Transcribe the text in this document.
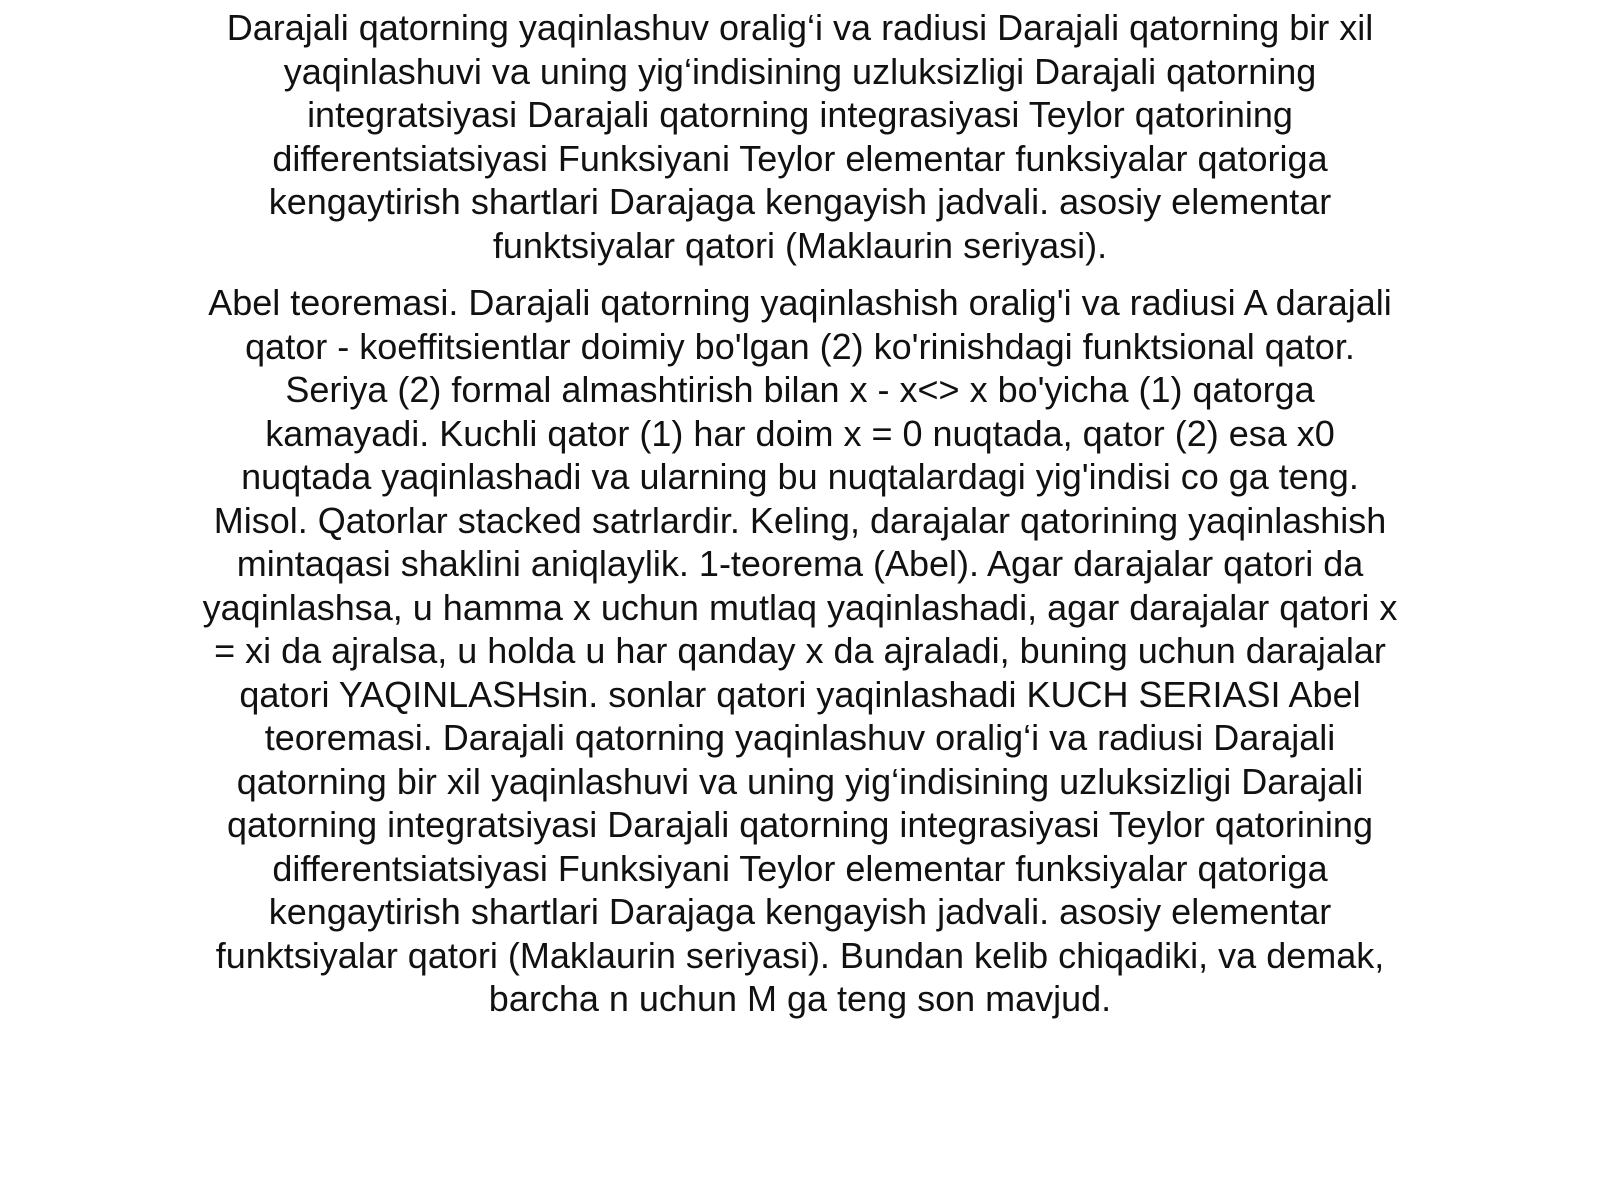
Darajali qatorning yaqinlashuv oralig‘i va radiusi Darajali qatorning bir xil yaqinlashuvi va uning yig‘indisining uzluksizligi Darajali qatorning integratsiyasi Darajali qatorning integrasiyasi Teylor qatorining differentsiatsiyasi Funksiyani Teylor elementar funksiyalar qatoriga kengaytirish shartlari Darajaga kengayish jadvali. asosiy elementar funktsiyalar qatori (Maklaurin seriyasi).

Abel teoremasi. Darajali qatorning yaqinlashish oralig'i va radiusi A darajali qator - koeffitsientlar doimiy bo'lgan (2) ko'rinishdagi funktsional qator. Seriya (2) formal almashtirish bilan x - x<> x bo'yicha (1) qatorga kamayadi. Kuchli qator (1) har doim x = 0 nuqtada, qator (2) esa x0 nuqtada yaqinlashadi va ularning bu nuqtalardagi yig'indisi co ga teng. Misol. Qatorlar stacked satrlardir. Keling, darajalar qatorining yaqinlashish mintaqasi shaklini aniqlaylik. 1-teorema (Abel). Agar darajalar qatori da yaqinlashsa, u hamma x uchun mutlaq yaqinlashadi, agar darajalar qatori x = xi da ajralsa, u holda u har qanday x da ajraladi, buning uchun darajalar qatori YAQINLASHsin. sonlar qatori yaqinlashadi KUCH SERIASI Abel teoremasi. Darajali qatorning yaqinlashuv oralig‘i va radiusi Darajali qatorning bir xil yaqinlashuvi va uning yig‘indisining uzluksizligi Darajali qatorning integratsiyasi Darajali qatorning integrasiyasi Teylor qatorining differentsiatsiyasi Funksiyani Teylor elementar funksiyalar qatoriga kengaytirish shartlari Darajaga kengayish jadvali. asosiy elementar funktsiyalar qatori (Maklaurin seriyasi). Bundan kelib chiqadiki, va demak, barcha n uchun M ga teng son mavjud.
